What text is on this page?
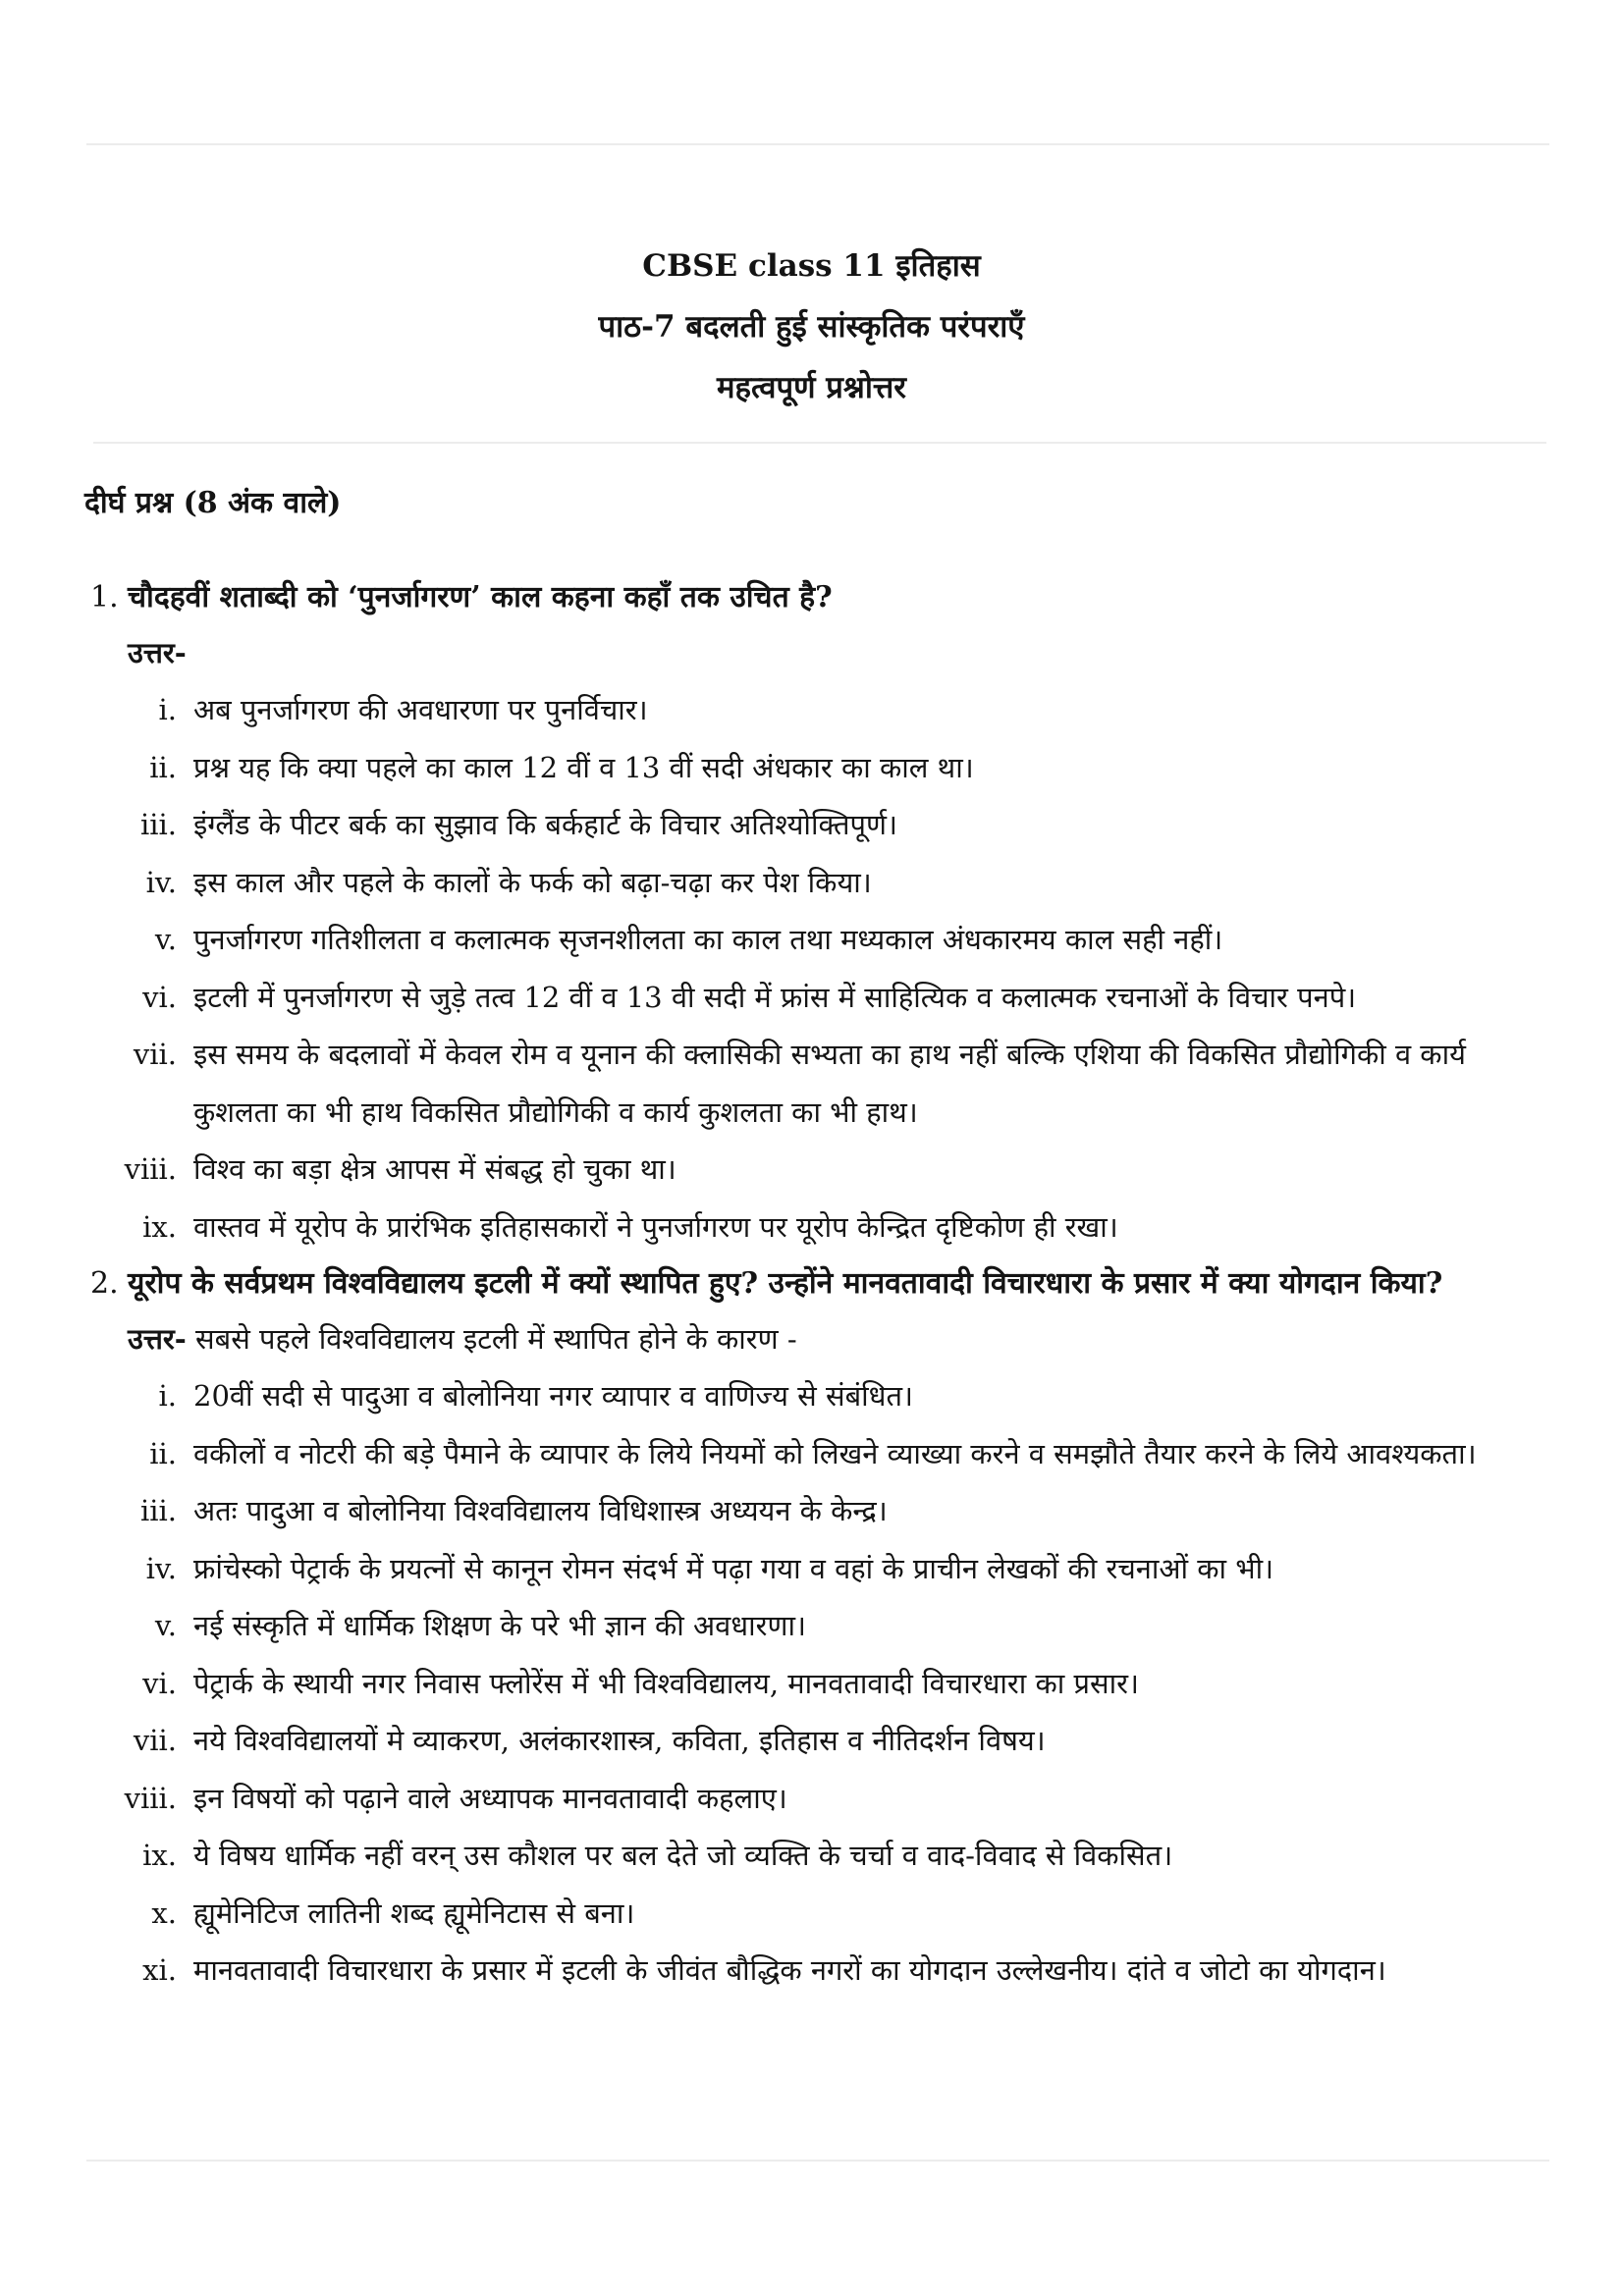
CBSE class 11 इतिहास
पाठ-7 बदलती हुई सांस्कृतिक परंपराएँ
महत्वपूर्ण प्रश्नोत्तर
दीर्घ प्रश्न (8 अंक वाले)
1. चौदहवीं शताब्दी को ‘पुनर्जागरण’ काल कहना कहाँ तक उचित है?
उत्तर-
i. अब पुनर्जागरण की अवधारणा पर पुनर्विचार।
ii. प्रश्न यह कि क्या पहले का काल 12 वीं व 13 वीं सदी अंधकार का काल था।
iii. इंग्लैंड के पीटर बर्क का सुझाव कि बर्कहार्ट के विचार अतिश्योक्तिपूर्ण।
iv. इस काल और पहले के कालों के फर्क को बढ़ा-चढ़ा कर पेश किया।
v. पुनर्जागरण गतिशीलता व कलात्मक सृजनशीलता का काल तथा मध्यकाल अंधकारमय काल सही नहीं।
vi. इटली में पुनर्जागरण से जुड़े तत्व 12 वीं व 13 वी सदी में फ्रांस में साहित्यिक व कलात्मक रचनाओं के विचार पनपे।
vii. इस समय के बदलावों में केवल रोम व यूनान की क्लासिकी सभ्यता का हाथ नहीं बल्कि एशिया की विकसित प्रौद्योगिकी व कार्य कुशलता का भी हाथ विकसित प्रौद्योगिकी व कार्य कुशलता का भी हाथ।
viii. विश्व का बड़ा क्षेत्र आपस में संबद्ध हो चुका था।
ix. वास्तव में यूरोप के प्रारंभिक इतिहासकारों ने पुनर्जागरण पर यूरोप केन्द्रित दृष्टिकोण ही रखा।
2. यूरोप के सर्वप्रथम विश्वविद्यालय इटली में क्यों स्थापित हुए? उन्होंने मानवतावादी विचारधारा के प्रसार में क्या योगदान किया?
उत्तर- सबसे पहले विश्वविद्यालय इटली में स्थापित होने के कारण -
i. 20वीं सदी से पादुआ व बोलोनिया नगर व्यापार व वाणिज्य से संबंधित।
ii. वकीलों व नोटरी की बड़े पैमाने के व्यापार के लिये नियमों को लिखने व्याख्या करने व समझौते तैयार करने के लिये आवश्यकता।
iii. अतः पादुआ व बोलोनिया विश्वविद्यालय विधिशास्त्र अध्ययन के केन्द्र।
iv. फ्रांचेस्को पेट्रार्क के प्रयत्नों से कानून रोमन संदर्भ में पढ़ा गया व वहां के प्राचीन लेखकों की रचनाओं का भी।
v. नई संस्कृति में धार्मिक शिक्षण के परे भी ज्ञान की अवधारणा।
vi. पेट्रार्क के स्थायी नगर निवास फ्लोरेंस में भी विश्वविद्यालय, मानवतावादी विचारधारा का प्रसार।
vii. नये विश्वविद्यालयों मे व्याकरण, अलंकारशास्त्र, कविता, इतिहास व नीतिदर्शन विषय।
viii. इन विषयों को पढ़ाने वाले अध्यापक मानवतावादी कहलाए।
ix. ये विषय धार्मिक नहीं वरन् उस कौशल पर बल देते जो व्यक्ति के चर्चा व वाद-विवाद से विकसित।
x. ह्यूमेनिटिज लातिनी शब्द ह्यूमेनिटास से बना।
xi. मानवतावादी विचारधारा के प्रसार में इटली के जीवंत बौद्धिक नगरों का योगदान उल्लेखनीय। दांते व जोटो का योगदान।
